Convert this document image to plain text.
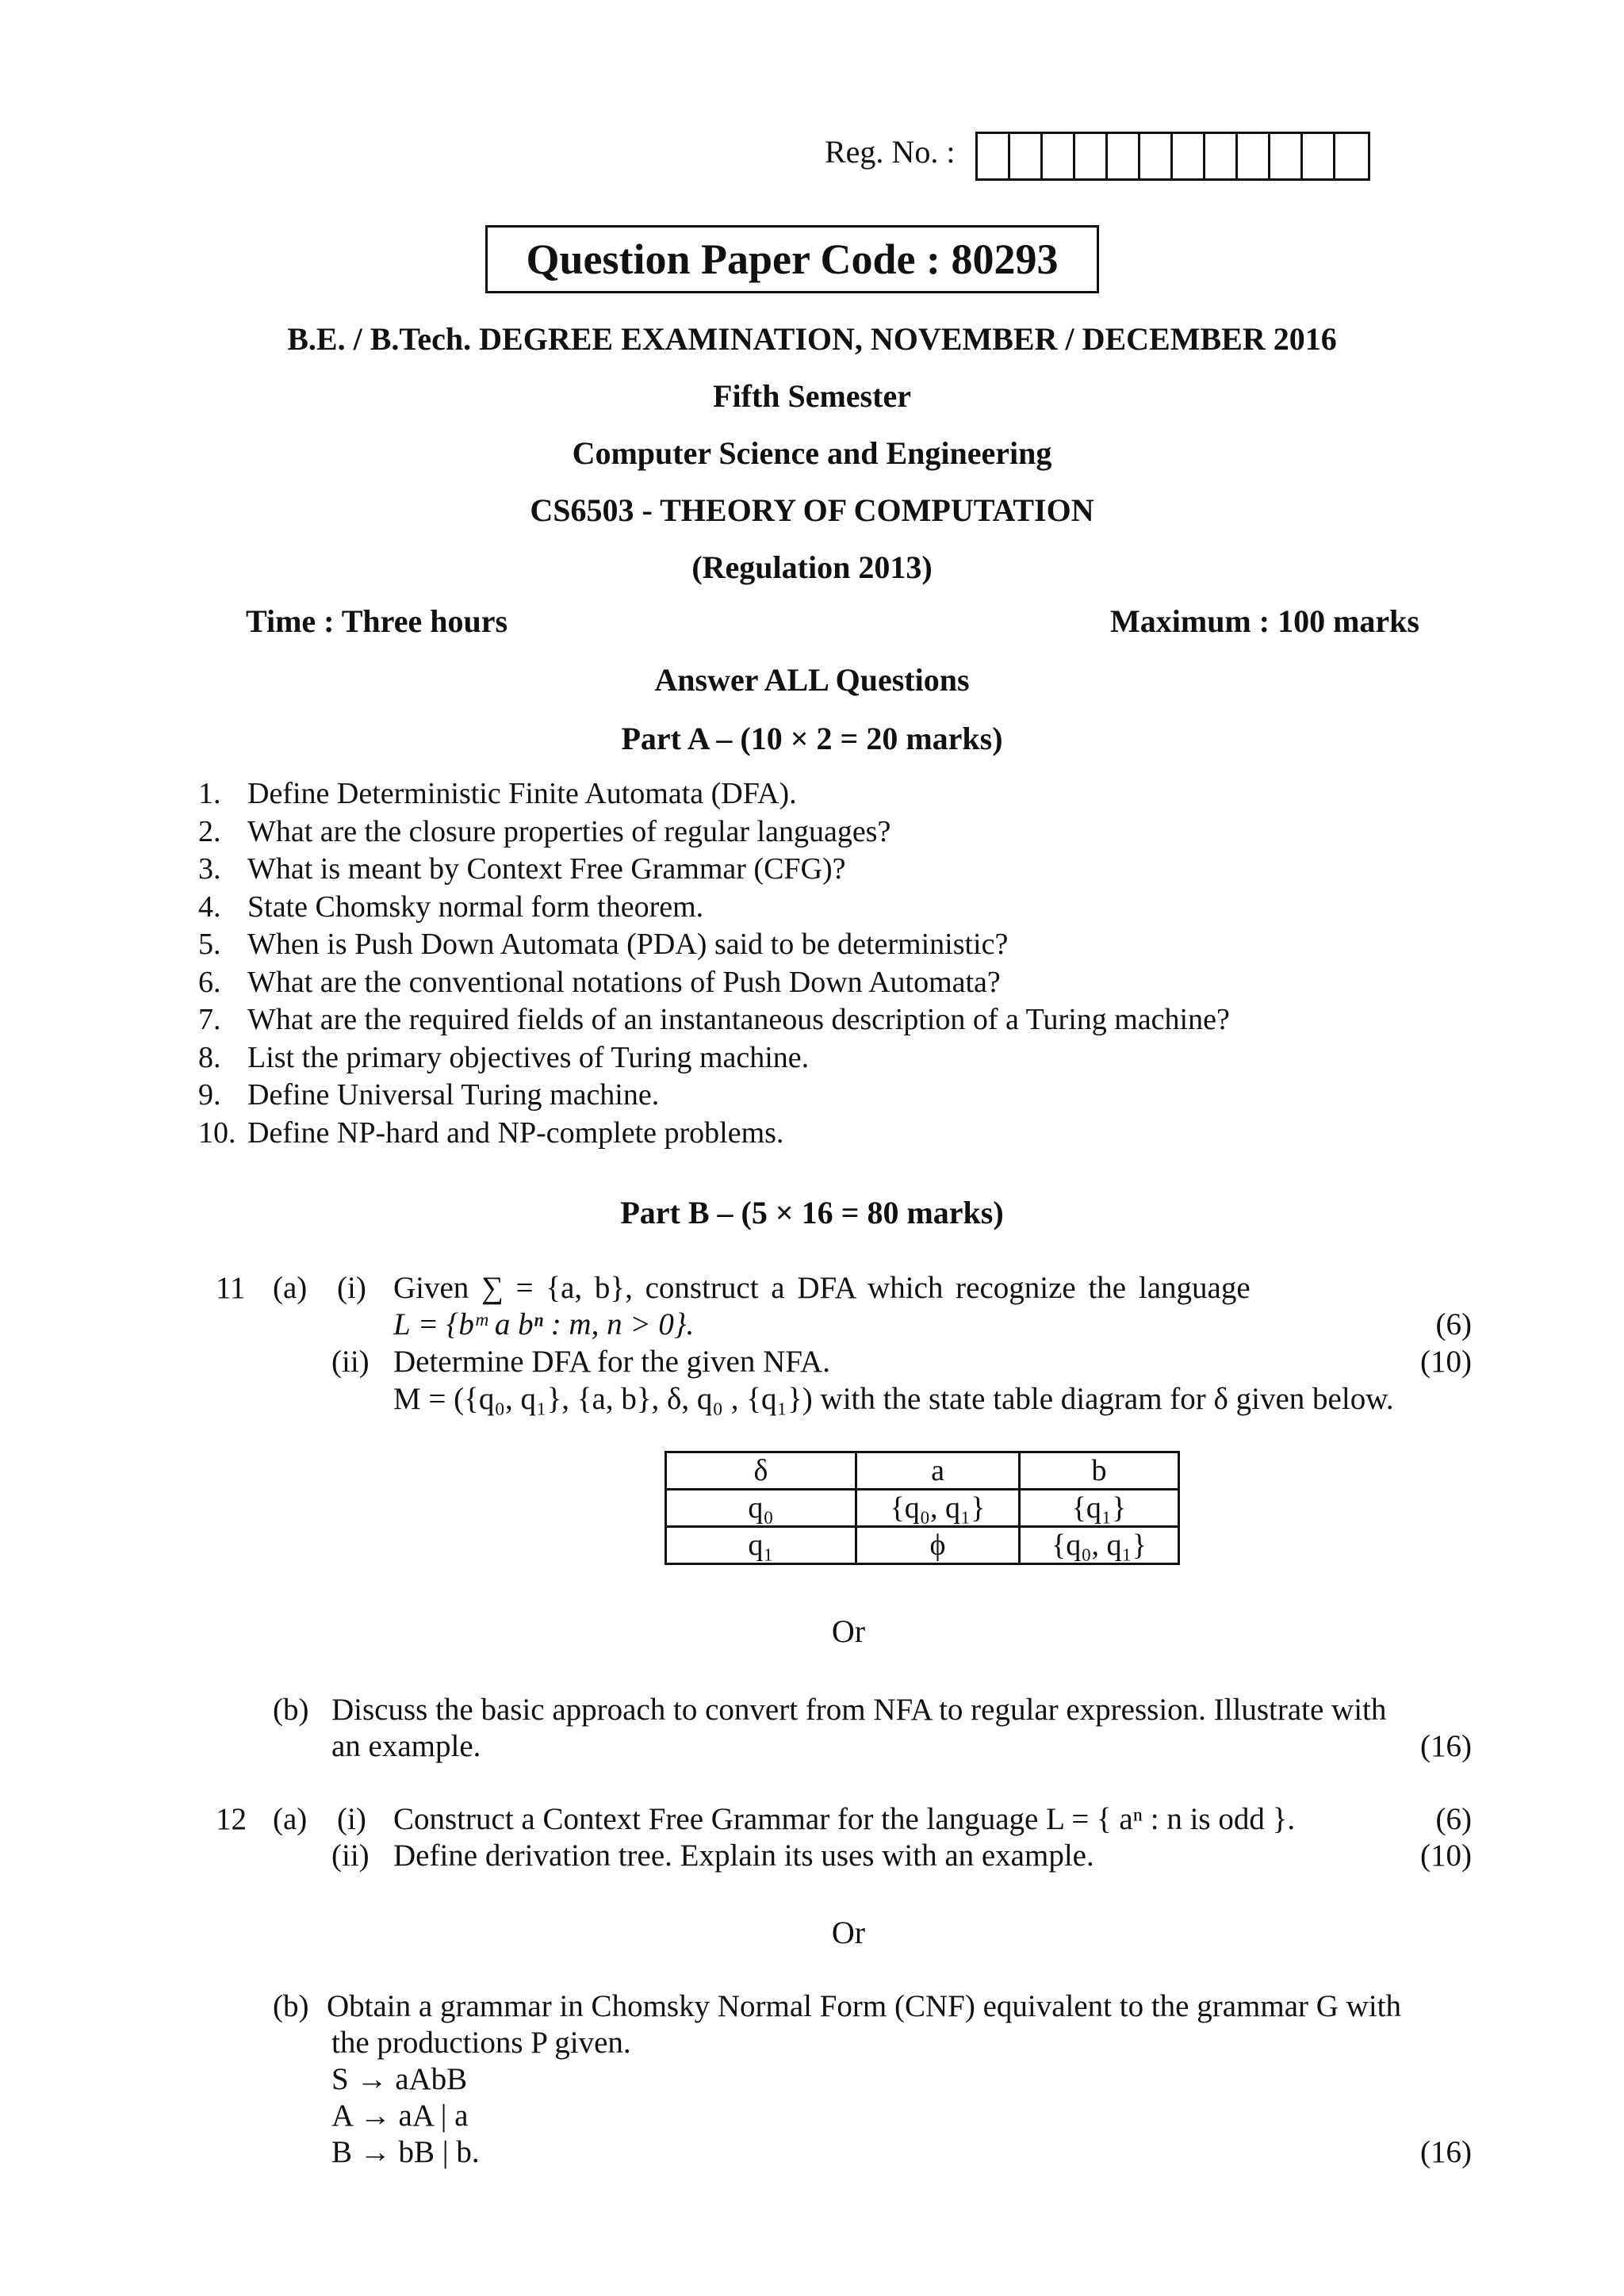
Reg. No. :
Question Paper Code : 80293
B.E. / B.Tech. DEGREE EXAMINATION, NOVEMBER / DECEMBER 2016
Fifth Semester
Computer Science and Engineering
CS6503 - THEORY OF COMPUTATION
(Regulation 2013)
Time : Three hours	Maximum : 100 marks
Answer ALL Questions
Part A – (10 × 2 = 20 marks)
1. Define Deterministic Finite Automata (DFA).
2. What are the closure properties of regular languages?
3. What is meant by Context Free Grammar (CFG)?
4. State Chomsky normal form theorem.
5. When is Push Down Automata (PDA) said to be deterministic?
6. What are the conventional notations of Push Down Automata?
7. What are the required fields of an instantaneous description of a Turing machine?
8. List the primary objectives of Turing machine.
9. Define Universal Turing machine.
10. Define NP-hard and NP-complete problems.
Part B – (5 × 16 = 80 marks)
11 (a) (i) Given ∑ = {a, b}, construct a DFA which recognize the language
L = {bᵐ a bⁿ : m, n > 0}.	(6)
(ii) Determine DFA for the given NFA.	(10)
M = ({q₀, q₁}, {a, b}, δ, q₀ , {q₁}) with the state table diagram for δ given below.
δ	a	b
q₀	{q₀, q₁}	{q₁}
q₁	ϕ	{q₀, q₁}
Or
(b) Discuss the basic approach to convert from NFA to regular expression. Illustrate with
an example.	(16)
12 (a) (i) Construct a Context Free Grammar for the language L = { aⁿ : n is odd }.	(6)
(ii) Define derivation tree. Explain its uses with an example.	(10)
Or
(b) Obtain a grammar in Chomsky Normal Form (CNF) equivalent to the grammar G with
the productions P given.
S → aAbB
A → aA | a
B → bB | b.	(16)
